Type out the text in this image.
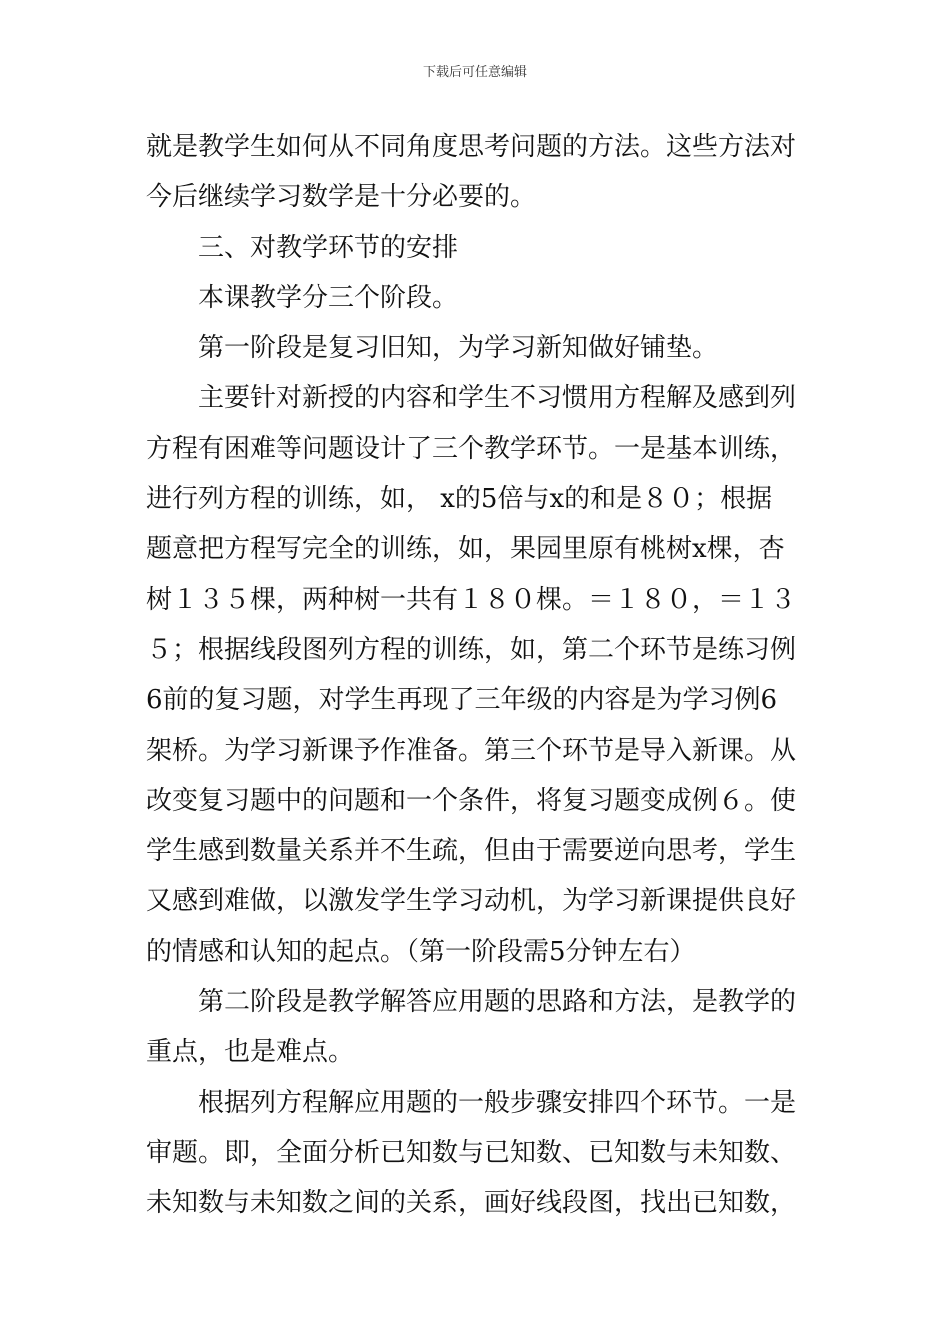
下载后可任意编辑
就是教学生如何从不同角度思考问题的方法。这些方法对
今后继续学习数学是十分必要的。
三、对教学环节的安排
本课教学分三个阶段。
第一阶段是复习旧知，为学习新知做好铺垫。
主要针对新授的内容和学生不习惯用方程解及感到列
方程有困难等问题设计了三个教学环节。一是基本训练，
进行列方程的训练，如， x的5倍与x的和是８０；根据
题意把方程写完全的训练，如，果园里原有桃树x棵，杏
树１３５棵，两种树一共有１８０棵。＝１８０，＝１３
５；根据线段图列方程的训练，如，第二个环节是练习例
6前的复习题，对学生再现了三年级的内容是为学习例6
架桥。为学习新课予作准备。第三个环节是导入新课。从
改变复习题中的问题和一个条件，将复习题变成例６。使
学生感到数量关系并不生疏，但由于需要逆向思考，学生
又感到难做，以激发学生学习动机，为学习新课提供良好
的情感和认知的起点。（第一阶段需5分钟左右）
第二阶段是教学解答应用题的思路和方法，是教学的
重点，也是难点。
根据列方程解应用题的一般步骤安排四个环节。一是
审题。即，全面分析已知数与已知数、已知数与未知数、
未知数与未知数之间的关系，画好线段图，找出已知数，
